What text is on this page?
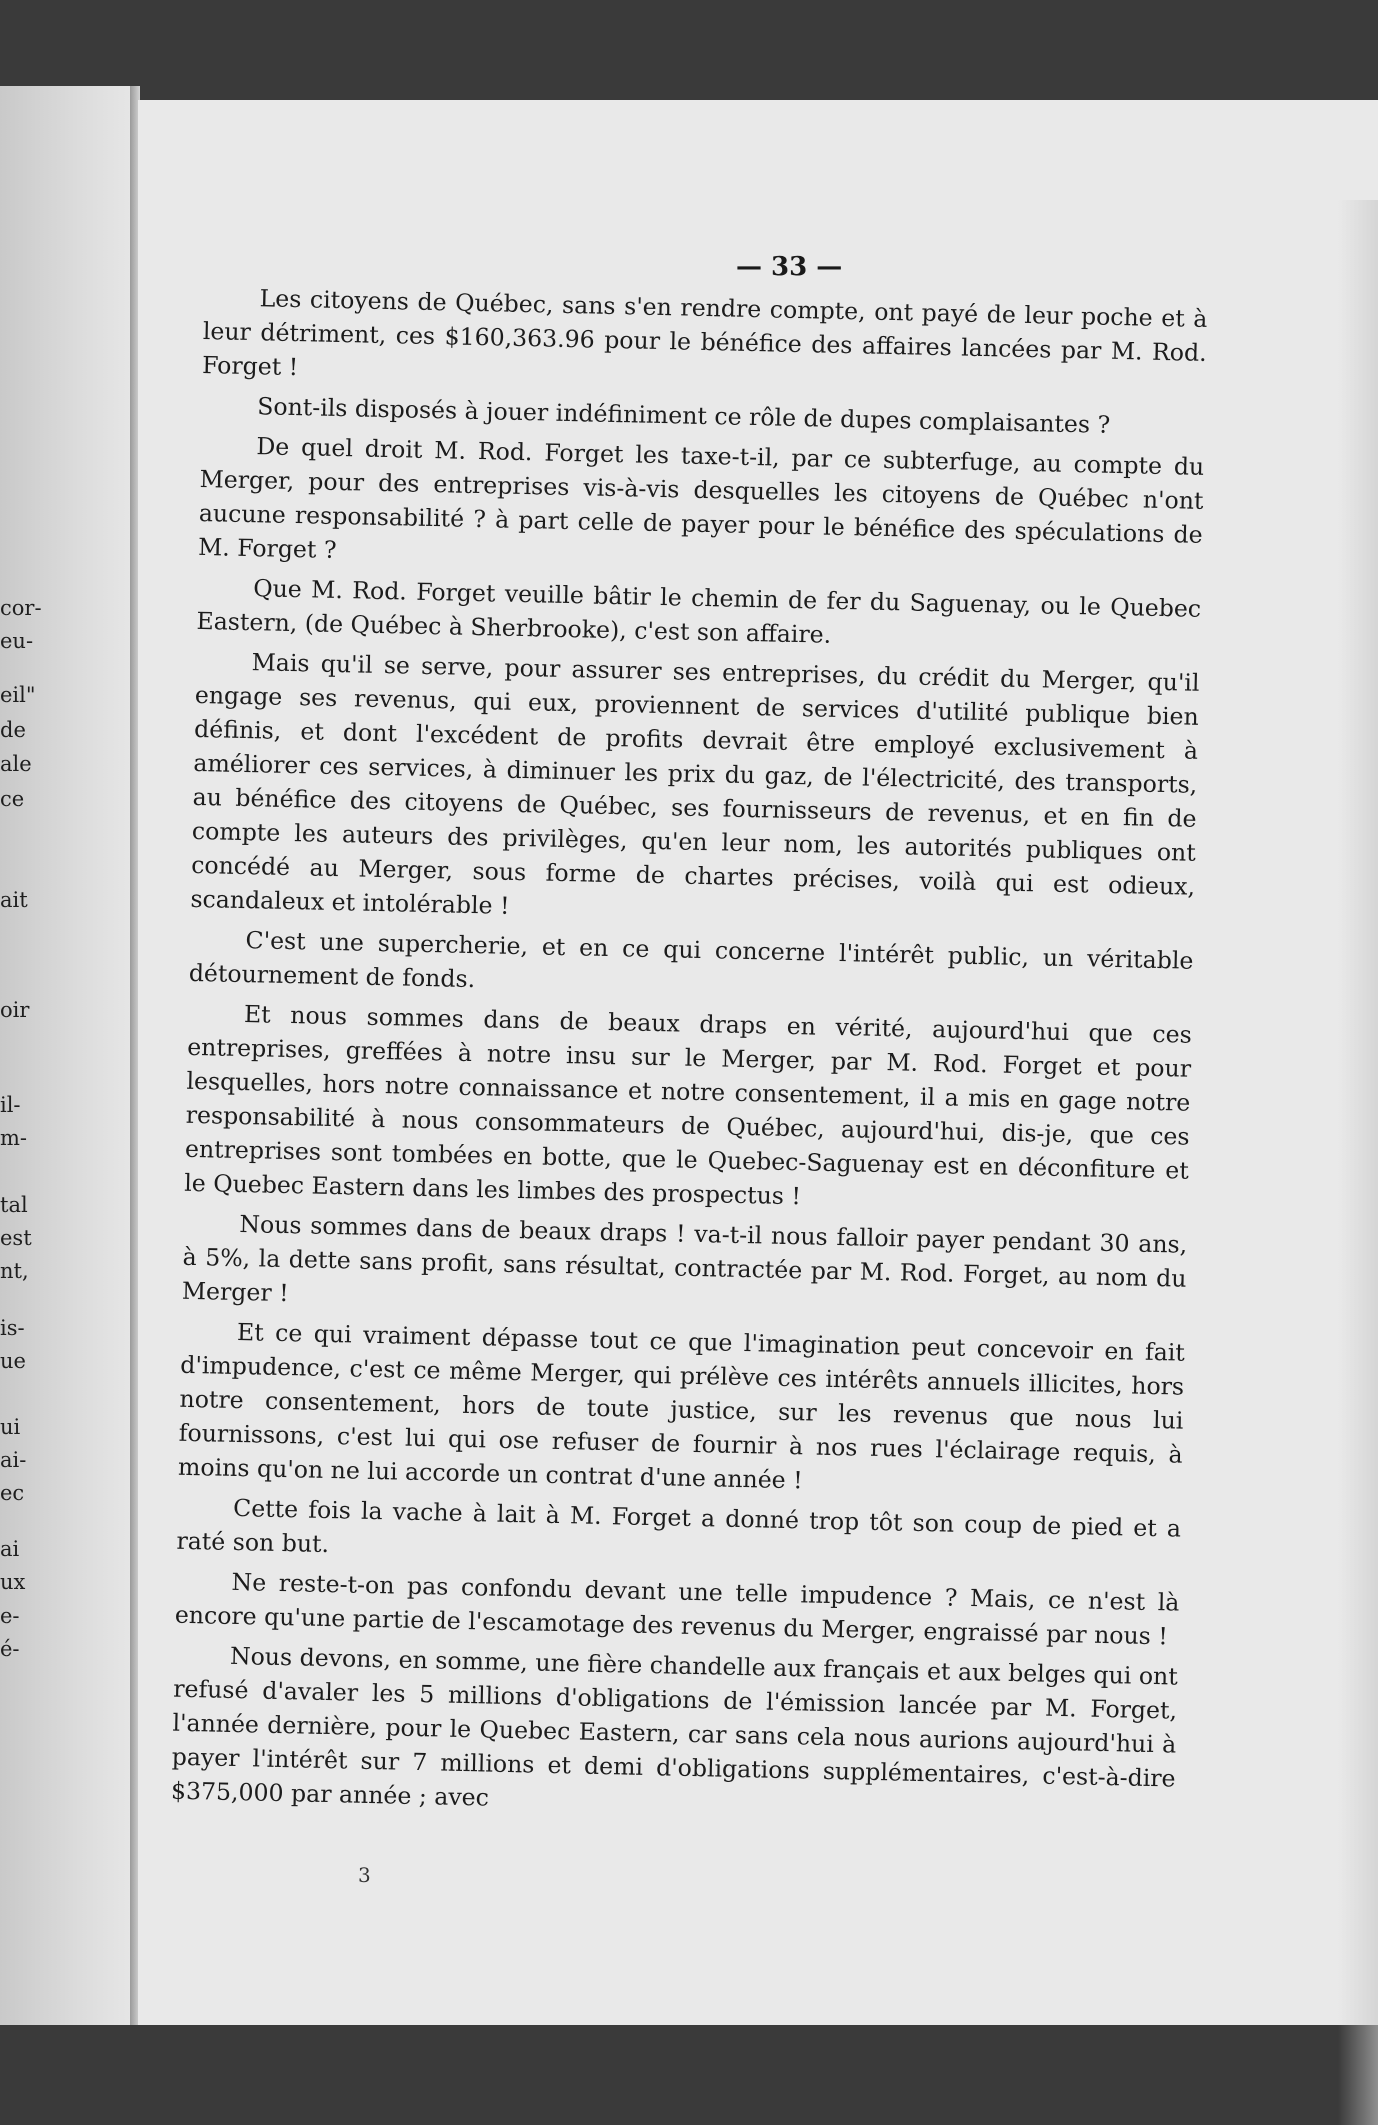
cor-
eu-
eil"
de
ale
ce
ait
oir
il-
m-
tal
est
nt,
is-
ue
ui
ai-
ec
ai
ux
e-
é-
— 33 —

Les citoyens de Québec, sans s'en rendre compte, ont payé de leur poche et à leur détriment, ces $160,363.96 pour le bénéfice des affaires lancées par M. Rod. Forget !

Sont-ils disposés à jouer indéfiniment ce rôle de dupes complaisantes ?

De quel droit M. Rod. Forget les taxe-t-il, par ce subterfuge, au compte du Merger, pour des entreprises vis-à-vis desquelles les citoyens de Québec n'ont aucune responsabilité ? à part celle de payer pour le bénéfice des spéculations de M. Forget ?

Que M. Rod. Forget veuille bâtir le chemin de fer du Saguenay, ou le Quebec Eastern, (de Québec à Sherbrooke), c'est son affaire.

Mais qu'il se serve, pour assurer ses entreprises, du crédit du Merger, qu'il engage ses revenus, qui eux, proviennent de services d'utilité publique bien définis, et dont l'excédent de profits devrait être employé exclusivement à améliorer ces services, à diminuer les prix du gaz, de l'électricité, des transports, au bénéfice des citoyens de Québec, ses fournisseurs de revenus, et en fin de compte les auteurs des privilèges, qu'en leur nom, les autorités publiques ont concédé au Merger, sous forme de chartes précises, voilà qui est odieux, scandaleux et intolérable !

C'est une supercherie, et en ce qui concerne l'intérêt public, un véritable détournement de fonds.

Et nous sommes dans de beaux draps en vérité, aujourd'hui que ces entreprises, greffées à notre insu sur le Merger, par M. Rod. Forget et pour lesquelles, hors notre connaissance et notre consentement, il a mis en gage notre responsabilité à nous consommateurs de Québec, aujourd'hui, dis-je, que ces entreprises sont tombées en botte, que le Quebec-Saguenay est en déconfiture et le Quebec Eastern dans les limbes des prospectus !

Nous sommes dans de beaux draps ! va-t-il nous falloir payer pendant 30 ans, à 5%, la dette sans profit, sans résultat, contractée par M. Rod. Forget, au nom du Merger !

Et ce qui vraiment dépasse tout ce que l'imagination peut concevoir en fait d'impudence, c'est ce même Merger, qui prélève ces intérêts annuels illicites, hors notre consentement, hors de toute justice, sur les revenus que nous lui fournissons, c'est lui qui ose refuser de fournir à nos rues l'éclairage requis, à moins qu'on ne lui accorde un contrat d'une année !

Cette fois la vache à lait à M. Forget a donné trop tôt son coup de pied et a raté son but.

Ne reste-t-on pas confondu devant une telle impudence ? Mais, ce n'est là encore qu'une partie de l'escamotage des revenus du Merger, engraissé par nous !

Nous devons, en somme, une fière chandelle aux français et aux belges qui ont refusé d'avaler les 5 millions d'obligations de l'émission lancée par M. Forget, l'année dernière, pour le Quebec Eastern, car sans cela nous aurions aujourd'hui à payer l'intérêt sur 7 millions et demi d'obligations supplémentaires, c'est-à-dire $375,000 par année ; avec

3
